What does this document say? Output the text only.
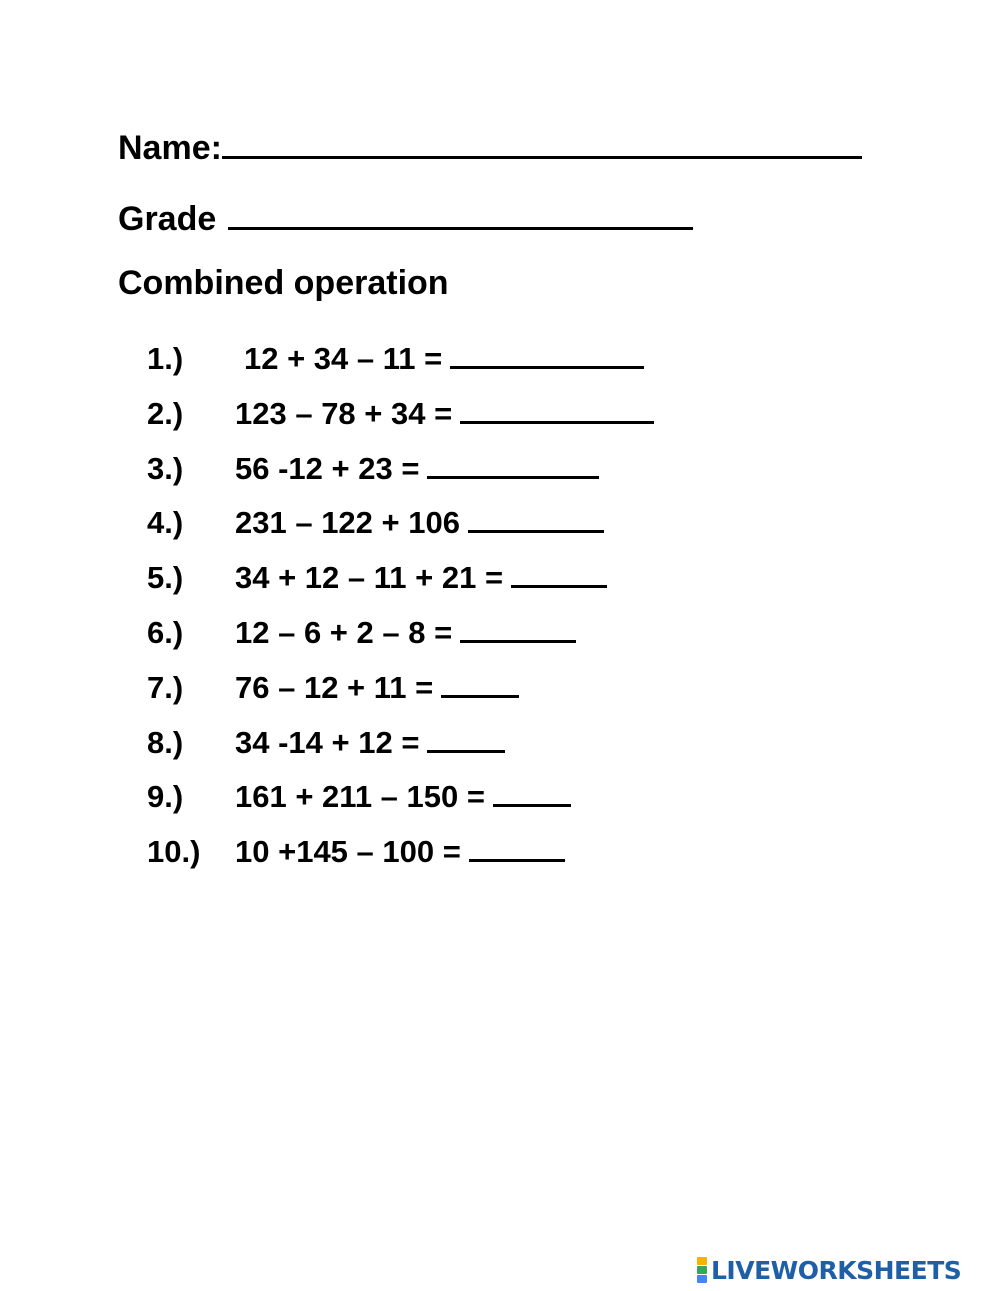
Name:
Grade
Combined operation
1.) 12 + 34 – 11 =
2.) 123 – 78 + 34 =
3.) 56 -12 + 23 =
4.) 231 – 122 + 106
5.) 34 + 12 – 11 + 21 =
6.) 12 – 6 + 2 – 8 =
7.) 76 – 12 + 11 =
8.) 34 -14 + 12 =
9.) 161 + 211 – 150 =
10.) 10 +145 – 100 =
LIVEWORKSHEETS
